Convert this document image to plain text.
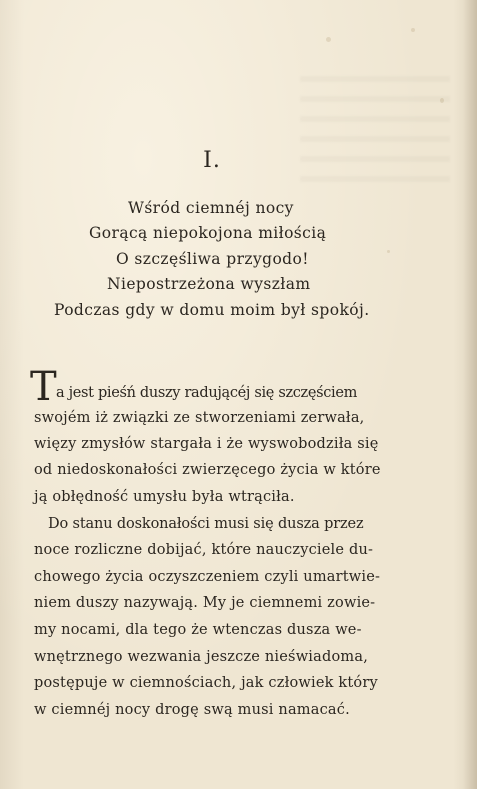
I.
Wśród ciemnéj nocy
Gorącą niepokojona miłością
O szczęśliwa przygodo!
Niepostrzeżona wyszłam
Podczas gdy w domu moim był spokój.
T a jest pieśń duszy radującéj się szczęściem
swojém iż związki ze stworzeniami zerwała,
więzy zmysłów stargała i że wyswobodziła się
od niedoskonałości zwierzęcego życia w które
ją obłędność umysłu była wtrąciła.
Do stanu doskonałości musi się dusza przez
noce rozliczne dobijać, które nauczyciele du-
chowego życia oczyszczeniem czyli umartwie-
niem duszy nazywają. My je ciemnemi zowie-
my nocami, dla tego że wtenczas dusza we-
wnętrznego wezwania jeszcze nieświadoma,
postępuje w ciemnościach, jak człowiek który
w ciemnéj nocy drogę swą musi namacać.
